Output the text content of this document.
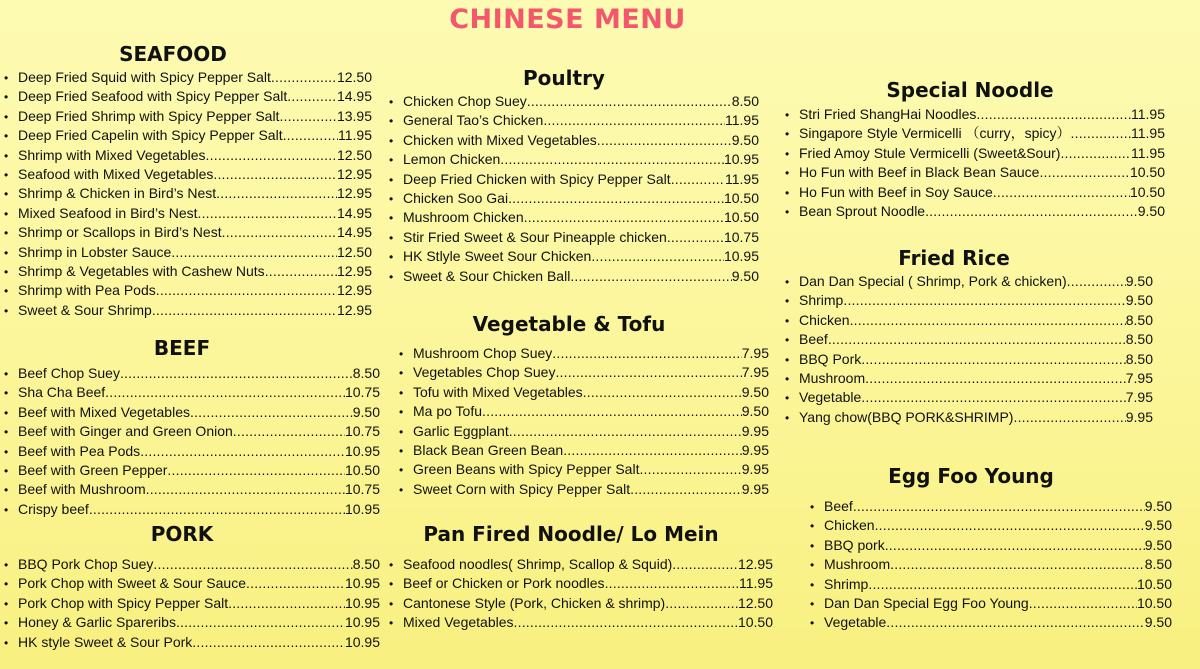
CHINESE MENU
SEAFOOD
• Deep Fried Squid with Spicy Pepper Salt .....	12.50
• Deep Fried Seafood with Spicy Pepper Salt .....	14.95
• Deep Fried Shrimp with Spicy Pepper Salt .....	13.95
• Deep Fried Capelin with Spicy Pepper Salt .....	11.95
• Shrimp with Mixed Vegetables .....	12.50
• Seafood with Mixed Vegetables .....	12.95
• Shrimp & Chicken in Bird’s Nest .....	12.95
• Mixed Seafood in Bird’s Nest .....	14.95
• Shrimp or Scallops in Bird’s Nest .....	14.95
• Shrimp in Lobster Sauce .....	12.50
• Shrimp & Vegetables with Cashew Nuts .....	12.95
• Shrimp with Pea Pods .....	12.95
• Sweet & Sour Shrimp .....	12.95
BEEF
• Beef Chop Suey .....	8.50
• Sha Cha Beef .....	10.75
• Beef with Mixed Vegetables .....	9.50
• Beef with Ginger and Green Onion .....	10.75
• Beef with Pea Pods .....	10.95
• Beef with Green Pepper .....	10.50
• Beef with Mushroom .....	10.75
• Crispy beef .....	10.95
PORK
• BBQ Pork Chop Suey .....	8.50
• Pork Chop with Sweet & Sour Sauce .....	10.95
• Pork Chop with Spicy Pepper Salt .....	10.95
• Honey & Garlic Spareribs .....	10.95
• HK style Sweet & Sour Pork .....	10.95
Poultry
• Chicken Chop Suey .....	8.50
• General Tao’s Chicken .....	11.95
• Chicken with Mixed Vegetables .....	9.50
• Lemon Chicken .....	10.95
• Deep Fried Chicken with Spicy Pepper Salt .....	11.95
• Chicken Soo Gai .....	10.50
• Mushroom Chicken .....	10.50
• Stir Fried Sweet & Sour Pineapple chicken .....	10.75
• HK Stlyle Sweet Sour Chicken .....	10.95
• Sweet & Sour Chicken Ball .....	9.50
Vegetable & Tofu
• Mushroom Chop Suey .....	7.95
• Vegetables Chop Suey .....	7.95
• Tofu with Mixed Vegetables .....	9.50
• Ma po Tofu .....	9.50
• Garlic Eggplant .....	9.95
• Black Bean Green Bean .....	9.95
• Green Beans with Spicy Pepper Salt .....	9.95
• Sweet Corn with Spicy Pepper Salt .....	9.95
Pan Fired Noodle/ Lo Mein
• Seafood noodles( Shrimp, Scallop & Squid) .....	12.95
• Beef or Chicken or Pork noodles .....	11.95
• Cantonese Style (Pork, Chicken & shrimp) .....	12.50
• Mixed Vegetables .....	10.50
Special Noodle
• Stri Fried ShangHai Noodles .....	11.95
• Singapore Style Vermicelli （curry，spicy） .....	11.95
• Fried Amoy Stule Vermicelli (Sweet&Sour) .....	11.95
• Ho Fun with Beef in Black Bean Sauce .....	10.50
• Ho Fun with Beef in Soy Sauce .....	10.50
• Bean Sprout Noodle .....	9.50
Fried Rice
• Dan Dan Special ( Shrimp, Pork & chicken) .....	9.50
• Shrimp .....	9.50
• Chicken .....	8.50
• Beef .....	8.50
• BBQ Pork .....	8.50
• Mushroom .....	7.95
• Vegetable .....	7.95
• Yang chow(BBQ PORK&SHRIMP) .....	9.95
Egg Foo Young
• Beef .....	9.50
• Chicken .....	9.50
• BBQ pork .....	9.50
• Mushroom .....	8.50
• Shrimp .....	10.50
• Dan Dan Special Egg Foo Young .....	10.50
• Vegetable .....	9.50
